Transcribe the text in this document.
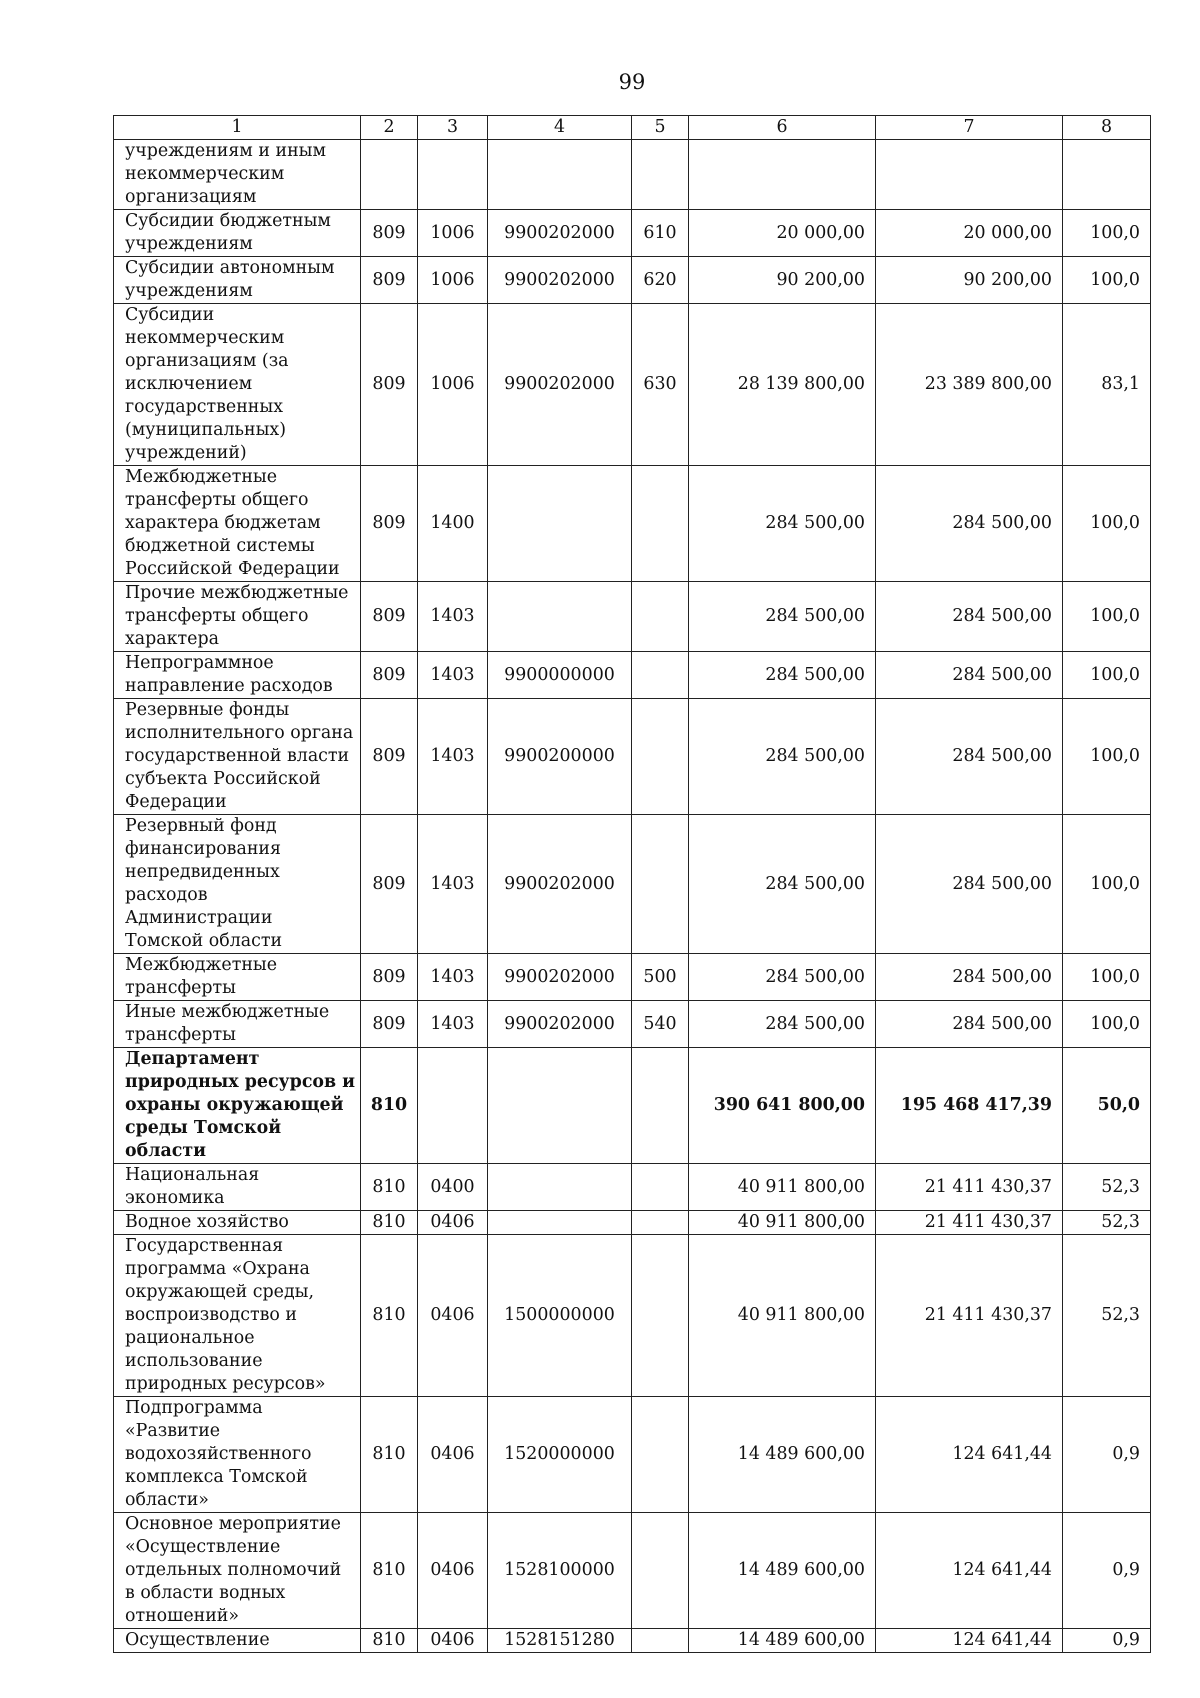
99
1	2	3	4	5	6	7	8
учреждениям и иным некоммерческим организациям							
Субсидии бюджетным учреждениям	809	1006	9900202000	610	20 000,00	20 000,00	100,0
Субсидии автономным учреждениям	809	1006	9900202000	620	90 200,00	90 200,00	100,0
Субсидии некоммерческим организациям (за исключением государственных (муниципальных) учреждений)	809	1006	9900202000	630	28 139 800,00	23 389 800,00	83,1
Межбюджетные трансферты общего характера бюджетам бюджетной системы Российской Федерации	809	1400			284 500,00	284 500,00	100,0
Прочие межбюджетные трансферты общего характера	809	1403			284 500,00	284 500,00	100,0
Непрограммное направление расходов	809	1403	9900000000		284 500,00	284 500,00	100,0
Резервные фонды исполнительного органа государственной власти субъекта Российской Федерации	809	1403	9900200000		284 500,00	284 500,00	100,0
Резервный фонд финансирования непредвиденных расходов Администрации Томской области	809	1403	9900202000		284 500,00	284 500,00	100,0
Межбюджетные трансферты	809	1403	9900202000	500	284 500,00	284 500,00	100,0
Иные межбюджетные трансферты	809	1403	9900202000	540	284 500,00	284 500,00	100,0
Департамент природных ресурсов и охраны окружающей среды Томской области	810				390 641 800,00	195 468 417,39	50,0
Национальная экономика	810	0400			40 911 800,00	21 411 430,37	52,3
Водное хозяйство	810	0406			40 911 800,00	21 411 430,37	52,3
Государственная программа «Охрана окружающей среды, воспроизводство и рациональное использование природных ресурсов»	810	0406	1500000000		40 911 800,00	21 411 430,37	52,3
Подпрограмма «Развитие водохозяйственного комплекса Томской области»	810	0406	1520000000		14 489 600,00	124 641,44	0,9
Основное мероприятие «Осуществление отдельных полномочий в области водных отношений»	810	0406	1528100000		14 489 600,00	124 641,44	0,9
Осуществление	810	0406	1528151280		14 489 600,00	124 641,44	0,9
